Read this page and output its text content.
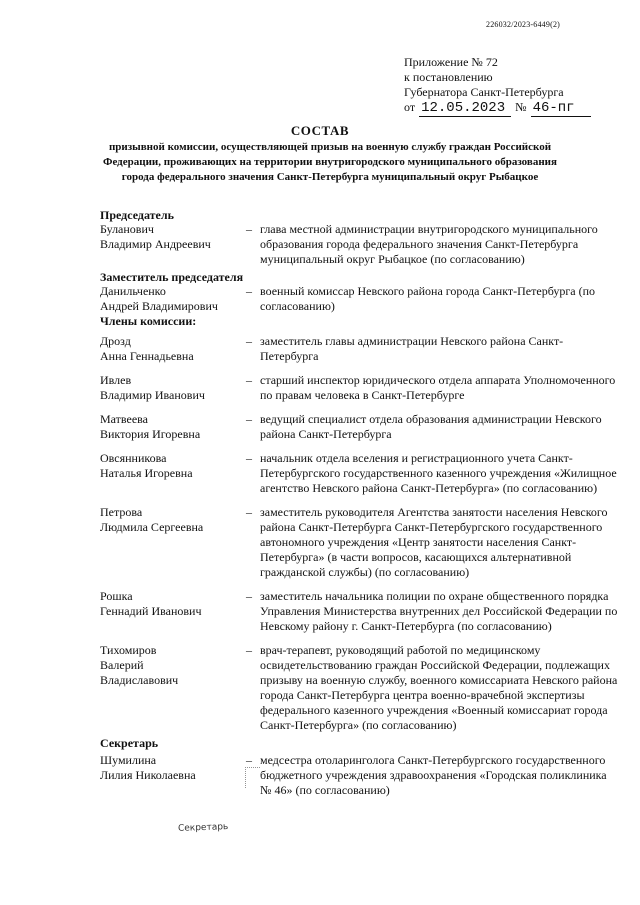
226032/2023-6449(2)
Приложение № 72
к постановлению
Губернатора Санкт-Петербурга
от 12.05.2023 № 46-пг
СОСТАВ
призывной комиссии, осуществляющей призыв на военную службу граждан Российской Федерации, проживающих на территории внутригородского муниципального образования города федерального значения Санкт-Петербурга муниципальный округ Рыбацкое
Председатель
Буланович
Владимир Андреевич
– глава местной администрации внутригородского муниципального образования города федерального значения Санкт-Петербурга муниципальный округ Рыбацкое (по согласованию)
Заместитель председателя
Данильченко
Андрей Владимирович
– военный комиссар Невского района города Санкт-Петербурга (по согласованию)
Члены комиссии:
Дрозд
Анна Геннадьевна
– заместитель главы администрации Невского района Санкт-Петербурга
Ивлев
Владимир Иванович
– старший инспектор юридического отдела аппарата Уполномоченного по правам человека в Санкт-Петербурге
Матвеева
Виктория Игоревна
– ведущий специалист отдела образования администрации Невского района Санкт-Петербурга
Овсянникова
Наталья Игоревна
– начальник отдела вселения и регистрационного учета Санкт-Петербургского государственного казенного учреждения «Жилищное агентство Невского района Санкт-Петербурга» (по согласованию)
Петрова
Людмила Сергеевна
– заместитель руководителя Агентства занятости населения Невского района Санкт-Петербурга Санкт-Петербургского государственного автономного учреждения «Центр занятости населения Санкт-Петербурга» (в части вопросов, касающихся альтернативной гражданской службы) (по согласованию)
Рошка
Геннадий Иванович
– заместитель начальника полиции по охране общественного порядка Управления Министерства внутренних дел Российской Федерации по Невскому району г. Санкт-Петербурга (по согласованию)
Тихомиров
Валерий
Владиславович
– врач-терапевт, руководящий работой по медицинскому освидетельствованию граждан Российской Федерации, подлежащих призыву на военную службу, военного комиссариата Невского района города Санкт-Петербурга центра военно-врачебной экспертизы федерального казенного учреждения «Военный комиссариат города Санкт-Петербурга» (по согласованию)
Секретарь
Шумилина
Лилия Николаевна
– медсестра отоларинголога Санкт-Петербургского государственного бюджетного учреждения здравоохранения «Городская поликлиника № 46» (по согласованию)
Секретарь
